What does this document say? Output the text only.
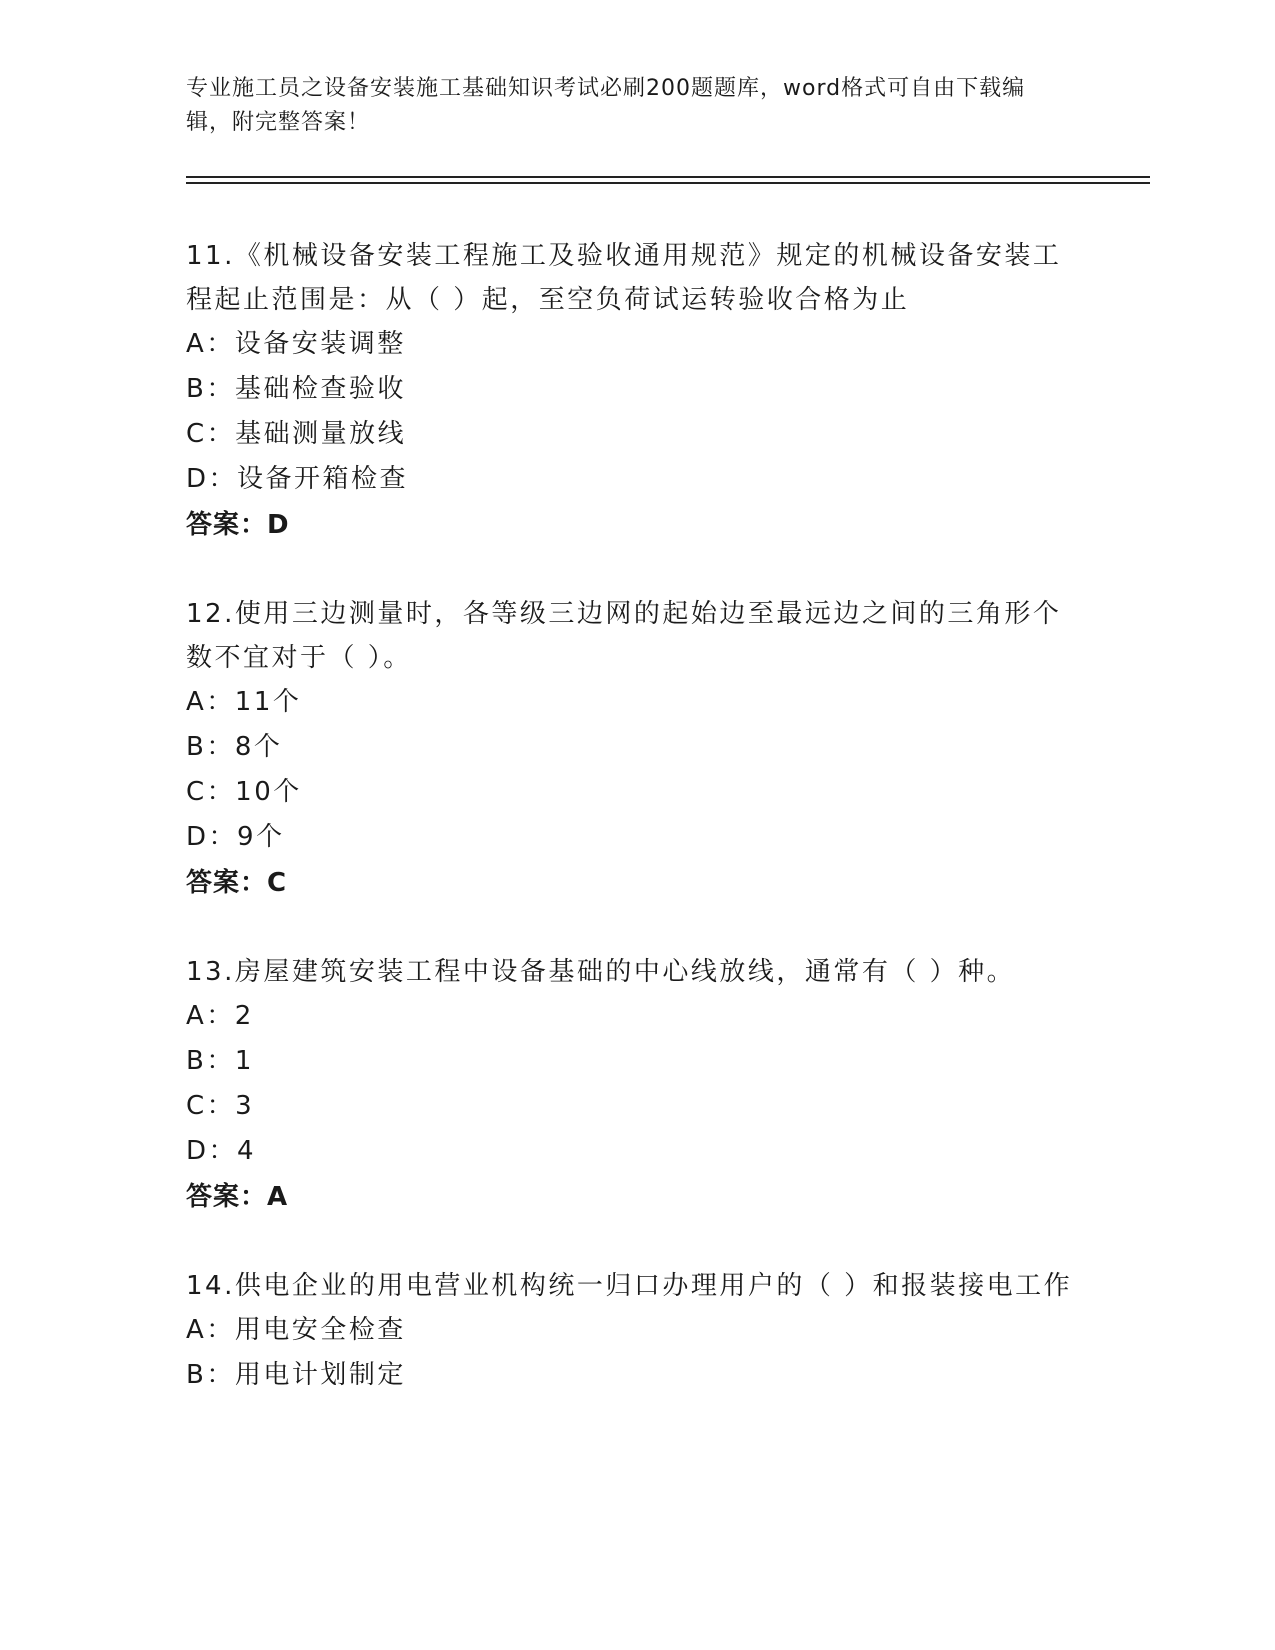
专业施工员之设备安装施工基础知识考试必刷200题题库，word格式可自由下载编辑，附完整答案！
11.《机械设备安装工程施工及验收通用规范》规定的机械设备安装工程起止范围是：从（ ）起，至空负荷试运转验收合格为止
A：设备安装调整
B：基础检查验收
C：基础测量放线
D：设备开箱检查
答案：D
12.使用三边测量时，各等级三边网的起始边至最远边之间的三角形个数不宜对于（ ）。
A：11个
B：8个
C：10个
D：9个
答案：C
13.房屋建筑安装工程中设备基础的中心线放线，通常有（ ）种。
A：2
B：1
C：3
D：4
答案：A
14.供电企业的用电营业机构统一归口办理用户的（ ）和报装接电工作
A：用电安全检查
B：用电计划制定
